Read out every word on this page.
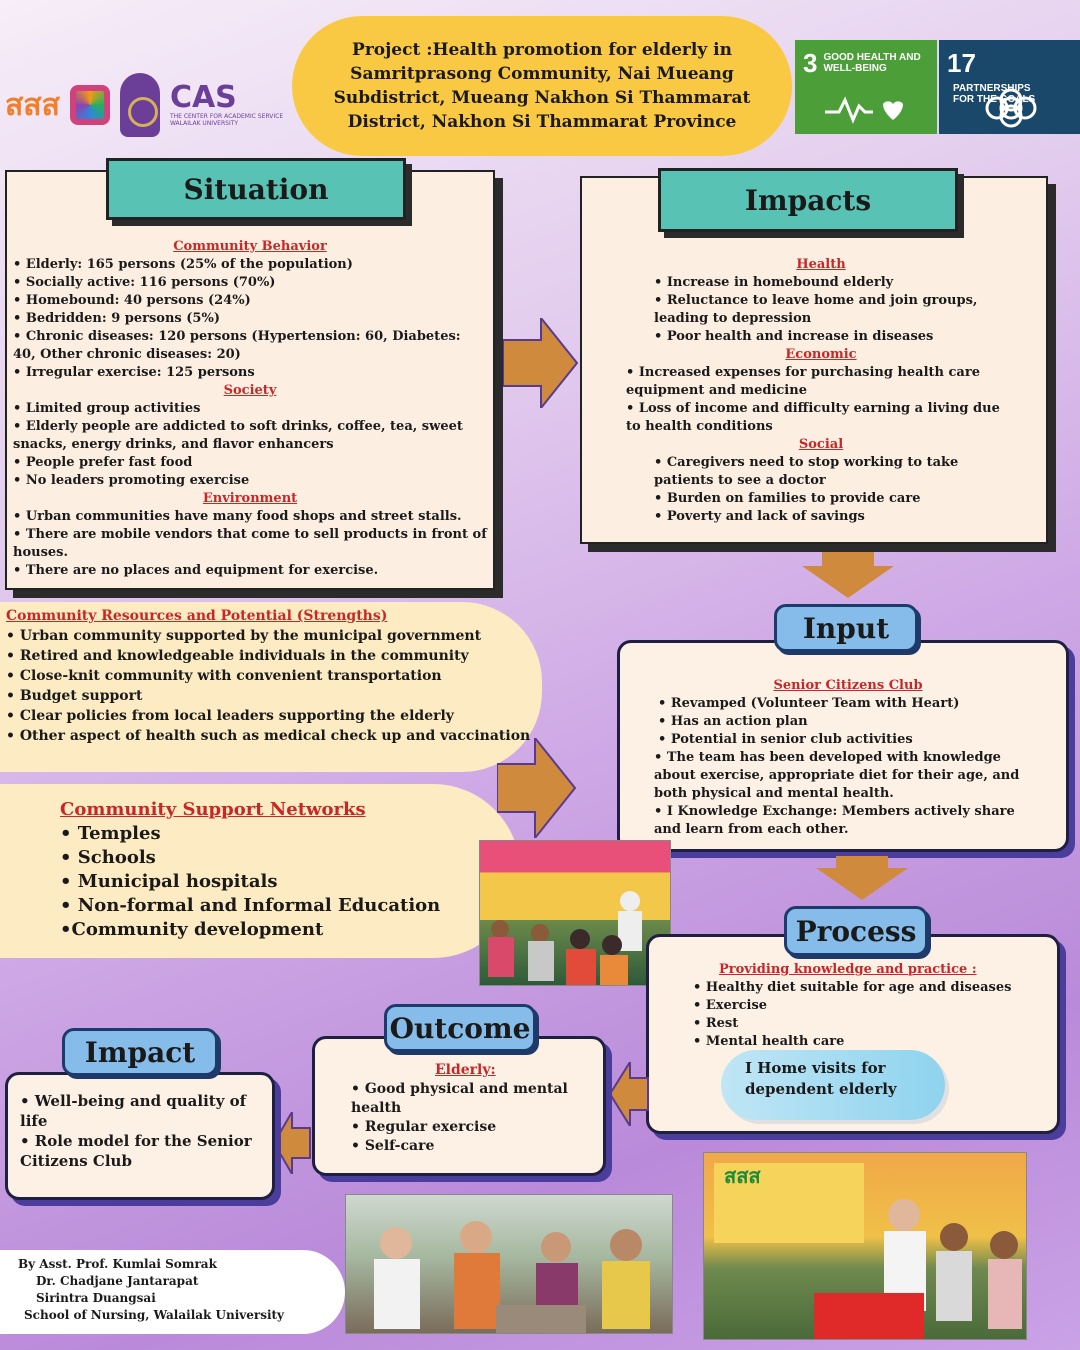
สสส	CAS
THE CENTER FOR ACADEMIC SERVICE
WALAILAK UNIVERSITY
Project :Health promotion for elderly in Samritprasong Community, Nai Mueang Subdistrict, Mueang Nakhon Si Thammarat District, Nakhon Si Thammarat Province
3 GOOD HEALTH AND WELL-BEING	17PARTNERSHIPS FOR THE GOALS
Community Behavior
• Elderly: 165 persons (25% of the population)
• Socially active: 116 persons (70%)
• Homebound: 40 persons (24%)
• Bedridden: 9 persons (5%)
• Chronic diseases: 120 persons (Hypertension: 60, Diabetes: 40, Other chronic diseases: 20)
• Irregular exercise: 125 persons
Society
• Limited group activities
• Elderly people are addicted to soft drinks, coffee, tea, sweet snacks, energy drinks, and flavor enhancers
• People prefer fast food
• No leaders promoting exercise
Environment
• Urban communities have many food shops and street stalls.
• There are mobile vendors that come to sell products in front of houses.
• There are no places and equipment for exercise.
Situation
Health
• Increase in homebound elderly
• Reluctance to leave home and join groups, leading to depression
• Poor health and increase in diseases
Economic
• Increased expenses for purchasing health care equipment and medicine
• Loss of income and difficulty earning a living due to health conditions
Social
• Caregivers need to stop working to take patients to see a doctor
• Burden on families to provide care
• Poverty and lack of savings
Impacts
Community Resources and Potential (Strengths)
• Urban community supported by the municipal government
• Retired and knowledgeable individuals in the community
• Close-knit community with convenient transportation
• Budget support
• Clear policies from local leaders supporting the elderly
• Other aspect of health such as medical check up and vaccination
Community Support Networks
• Temples
• Schools
• Municipal hospitals
• Non-formal and Informal Education
•Community development
Senior Citizens Club
• Revamped (Volunteer Team with Heart)
• Has an action plan
• Potential in senior club activities
• The team has been developed with knowledge about exercise, appropriate diet for their age, and both physical and mental health.
• I Knowledge Exchange: Members actively share and learn from each other.
Input
Providing knowledge and practice :
• Healthy diet suitable for age and diseases
• Exercise
• Rest
• Mental health care
Process
I Home visits for dependent elderly
Elderly:
• Good physical and mental health
• Regular exercise
• Self-care
Outcome
• Well-being and quality of life
• Role model for the Senior Citizens Club
Impact
สสส
By Asst. Prof. Kumlai Somrak
Dr. Chadjane Jantarapat
Sirintra Duangsai
School of Nursing, Walailak University
